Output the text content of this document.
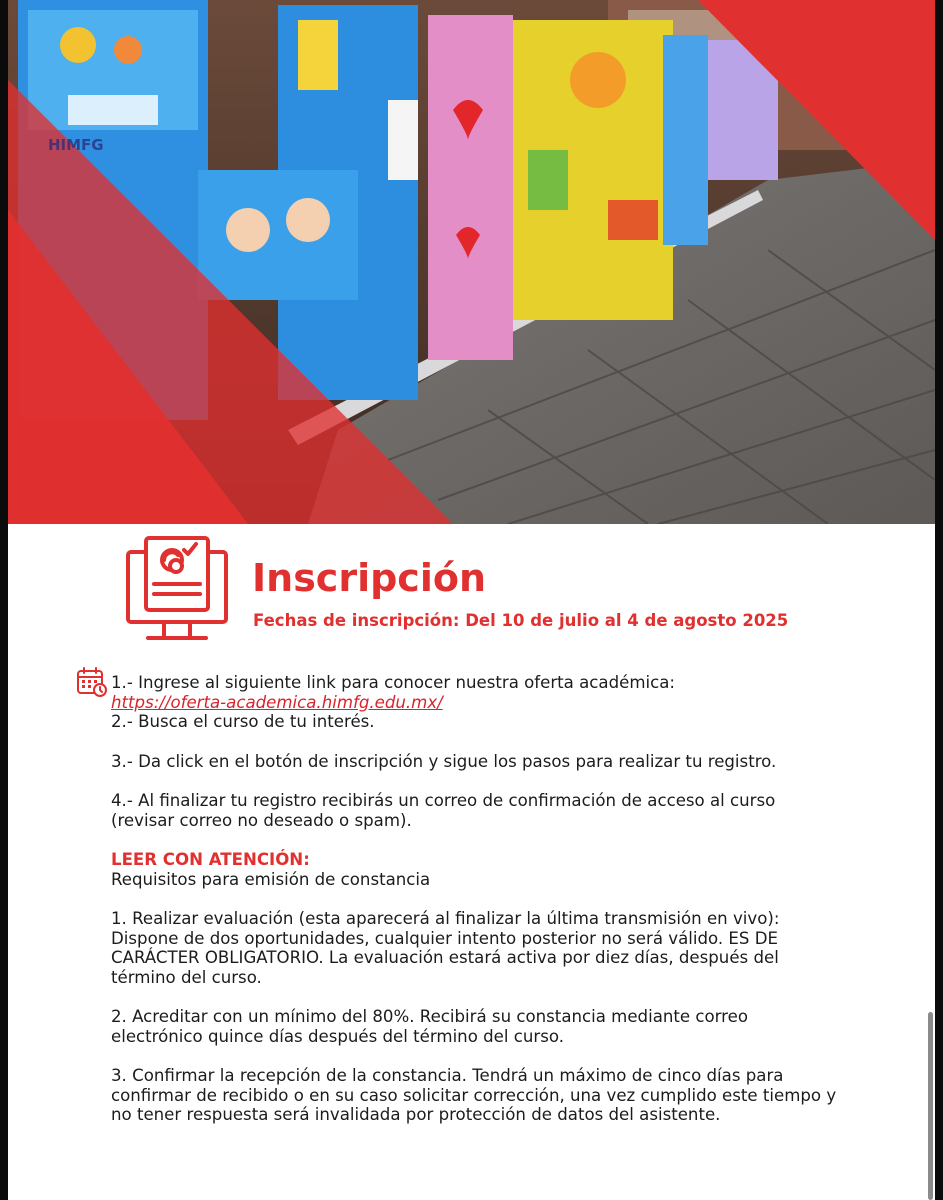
HIMFG
Inscripción
Fechas de inscripción: Del 10 de julio al 4 de agosto 2025

1.- Ingrese al siguiente link para conocer nuestra oferta académica:

https://oferta-academica.himfg.edu.mx/

2.- Busca el curso de tu interés.

3.- Da click en el botón de inscripción y sigue los pasos para realizar tu registro.

4.- Al finalizar tu registro recibirás un correo de confirmación de acceso al curso (revisar correo no deseado o spam).

LEER CON ATENCIÓN:

Requisitos para emisión de constancia

1. Realizar evaluación (esta aparecerá al finalizar la última transmisión en vivo): Dispone de dos oportunidades, cualquier intento posterior no será válido. ES DE CARÁCTER OBLIGATORIO. La evaluación estará activa por diez días, después del término del curso.

2. Acreditar con un mínimo del 80%. Recibirá su constancia mediante correo electrónico quince días después del término del curso.

3. Confirmar la recepción de la constancia. Tendrá un máximo de cinco días para confirmar de recibido o en su caso solicitar corrección, una vez cumplido este tiempo y no tener respuesta será invalidada por protección de datos del asistente.
